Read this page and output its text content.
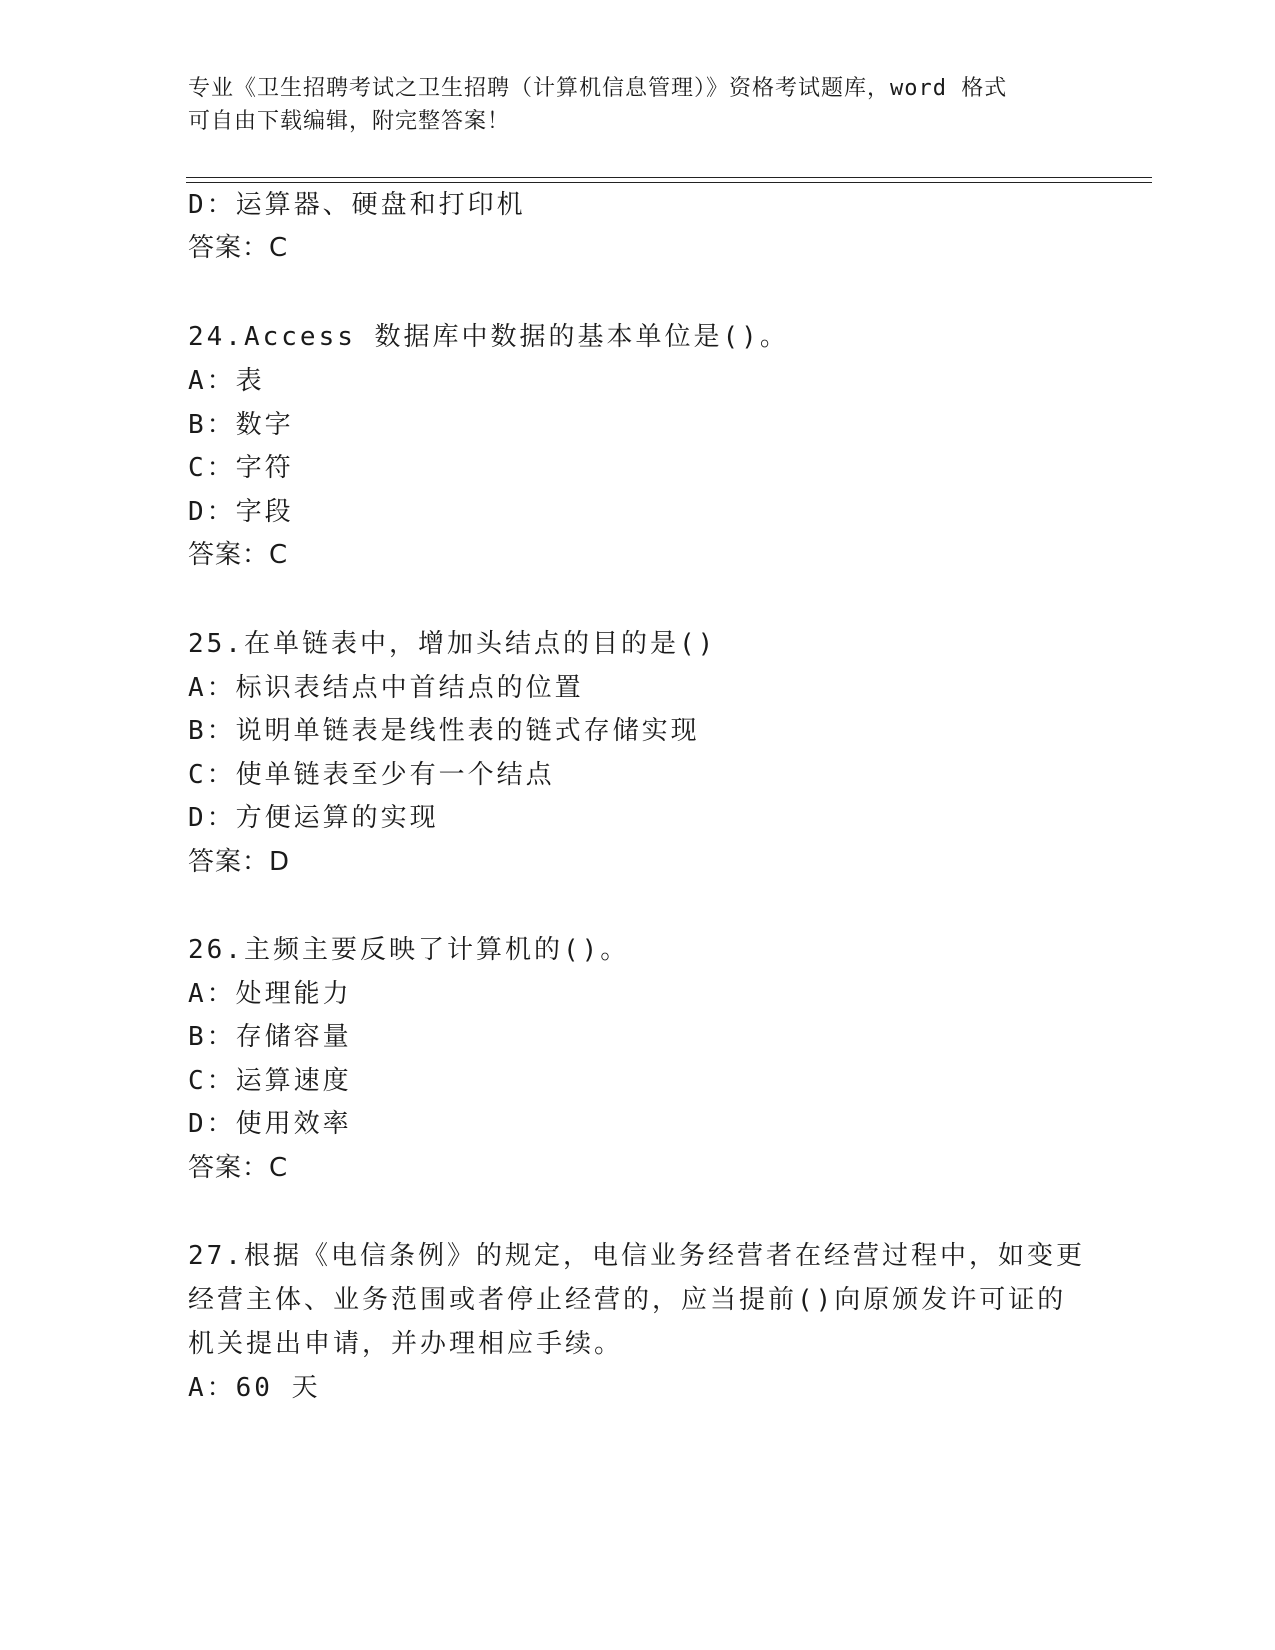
专业《卫生招聘考试之卫生招聘（计算机信息管理）》资格考试题库，word 格式
可自由下载编辑，附完整答案！
D：运算器、硬盘和打印机
答案：C
24.Access 数据库中数据的基本单位是()。
A：表
B：数字
C：字符
D：字段
答案：C
25.在单链表中，增加头结点的目的是()
A：标识表结点中首结点的位置
B：说明单链表是线性表的链式存储实现
C：使单链表至少有一个结点
D：方便运算的实现
答案：D
26.主频主要反映了计算机的()。
A：处理能力
B：存储容量
C：运算速度
D：使用效率
答案：C
27.根据《电信条例》的规定，电信业务经营者在经营过程中，如变更
经营主体、业务范围或者停止经营的，应当提前()向原颁发许可证的
机关提出申请，并办理相应手续。
A：60 天
